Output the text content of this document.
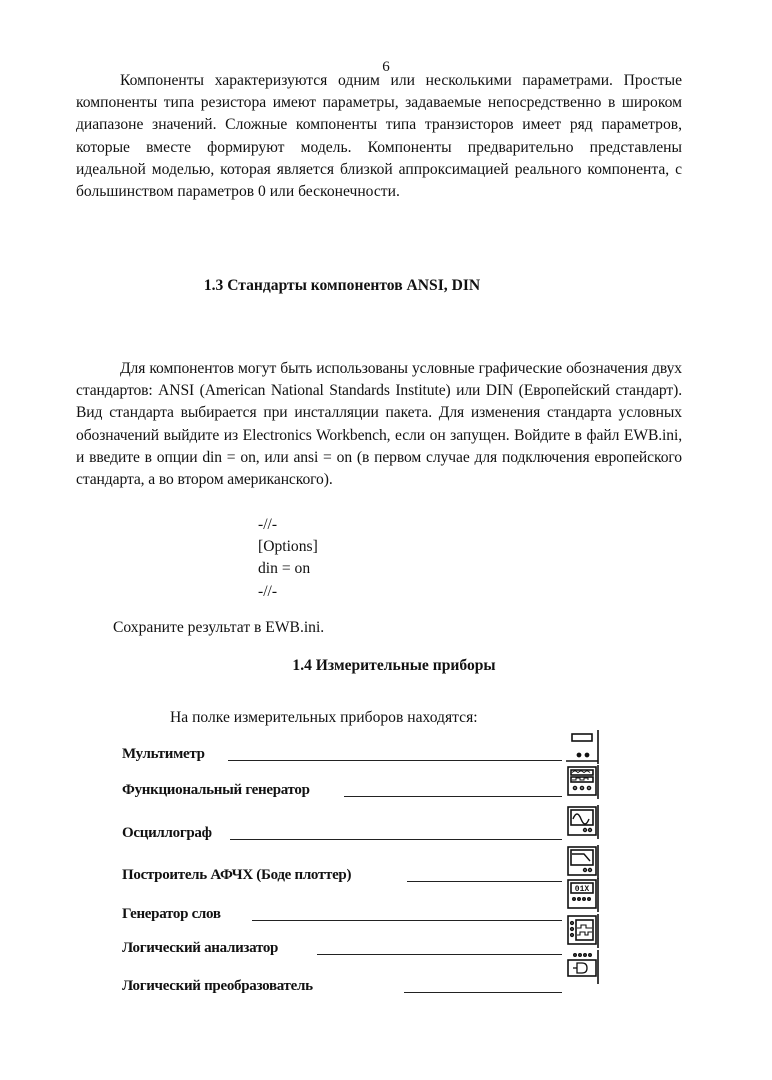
6
Компоненты характеризуются одним или несколькими параметрами. Простые компоненты типа резистора имеют параметры, задаваемые непосредственно в широком диапазоне значений. Сложные компоненты типа транзисторов имеет ряд параметров, которые вместе формируют модель. Компоненты предварительно представлены идеальной моделью, которая является близкой аппроксимацией реального компонента, с большинством параметров 0 или бесконечности.
1.3 Стандарты компонентов ANSI, DIN
Для компонентов могут быть использованы условные графические обозначения двух стандартов: ANSI (American National Standards Institute) или DIN (Европейский стандарт). Вид стандарта выбирается при инсталляции пакета. Для изменения стандарта условных обозначений выйдите из Electronics Workbench, если он запущен. Войдите в файл EWB.ini, и введите в опции din = on, или ansi = on (в первом случае для подключения европейского стандарта, а во втором американского).
-//-
[Options]
din = on
-//-
Сохраните результат в EWB.ini.
1.4 Измерительные приборы
На полке измерительных приборов находятся:
Мультиметр
Функциональный генератор
Осциллограф
Построитель АФЧХ (Боде плоттер)
Генератор слов
01X
Логический анализатор
Логический преобразователь
